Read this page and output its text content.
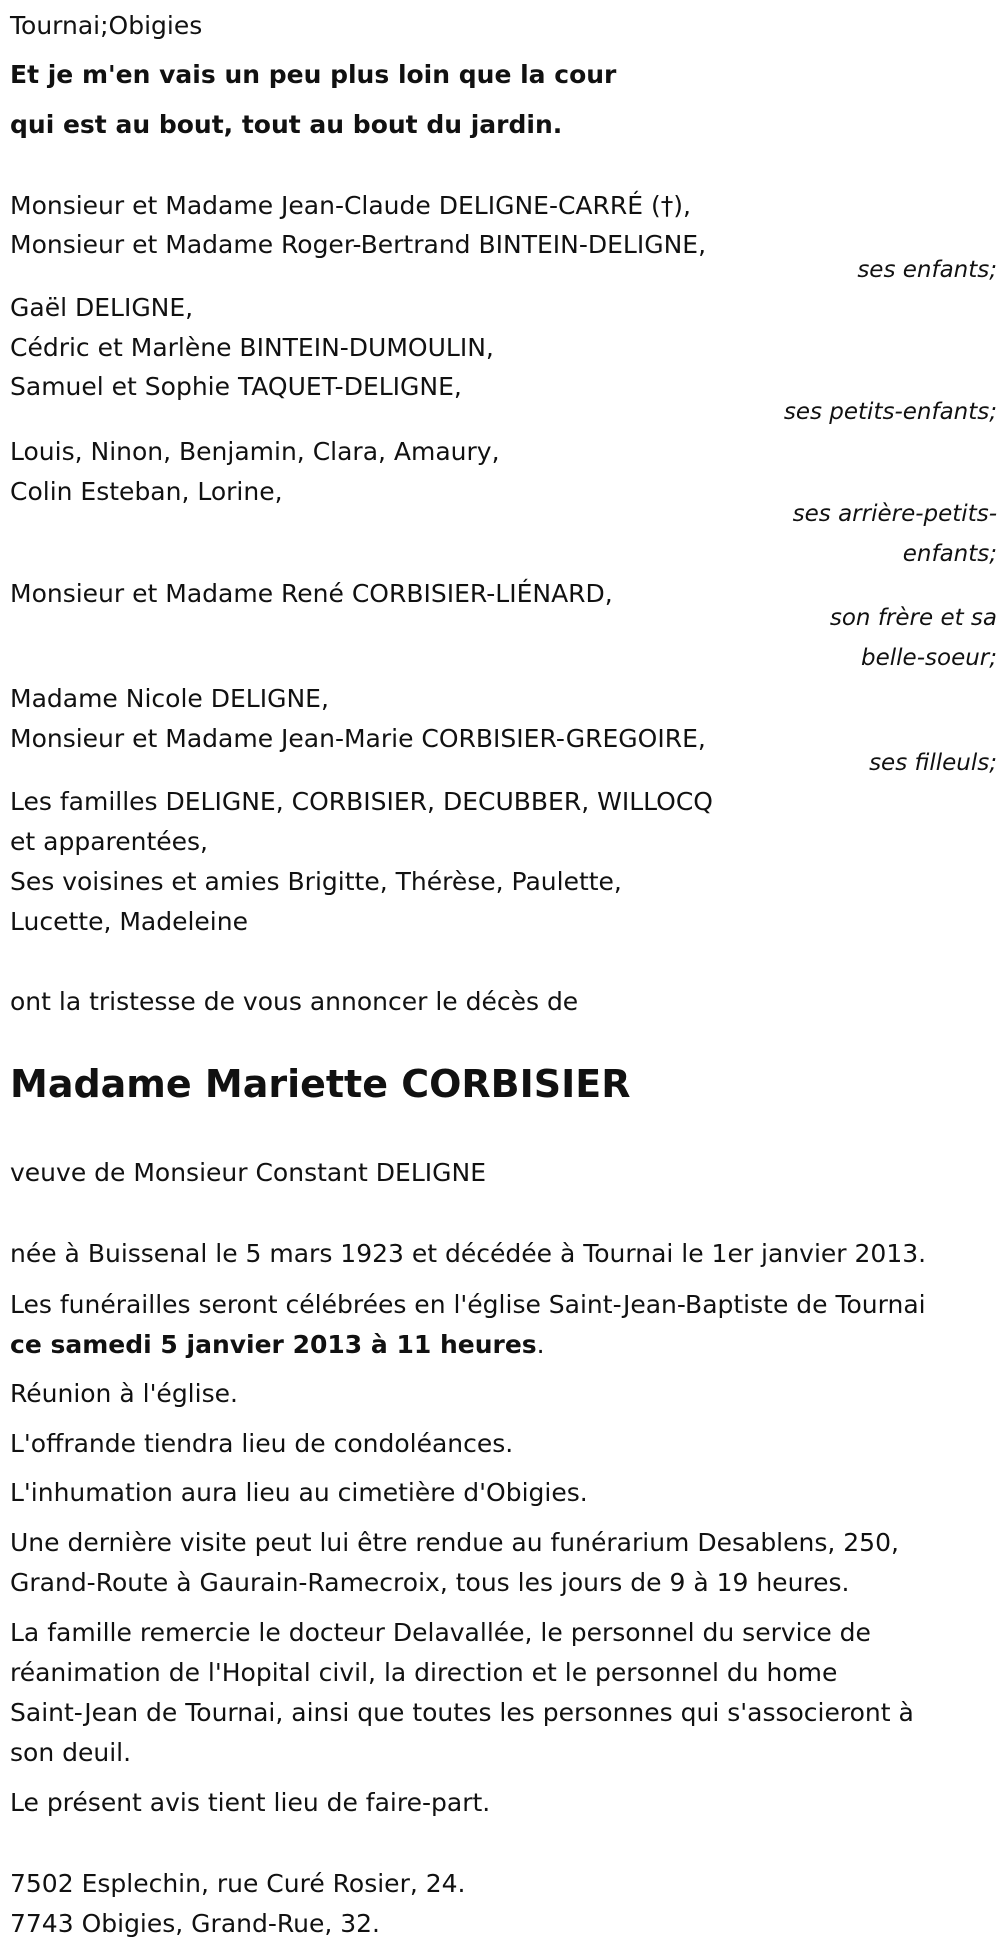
Tournai;Obigies
Et je m'en vais un peu plus loin que la cour
qui est au bout, tout au bout du jardin.
Monsieur et Madame Jean-Claude DELIGNE-CARRÉ (†),
Monsieur et Madame Roger-Bertrand BINTEIN-DELIGNE,
ses enfants;
Gaël DELIGNE,
Cédric et Marlène BINTEIN-DUMOULIN,
Samuel et Sophie TAQUET-DELIGNE,
ses petits-enfants;
Louis, Ninon, Benjamin, Clara, Amaury,
Colin Esteban, Lorine,
ses arrière-petits-
enfants;
Monsieur et Madame René CORBISIER-LIÉNARD,
son frère et sa
belle-soeur;
Madame Nicole DELIGNE,
Monsieur et Madame Jean-Marie CORBISIER-GREGOIRE,
ses filleuls;
Les familles DELIGNE, CORBISIER, DECUBBER, WILLOCQ
et apparentées,
Ses voisines et amies Brigitte, Thérèse, Paulette,
Lucette, Madeleine
ont la tristesse de vous annoncer le décès de
Madame Mariette CORBISIER
veuve de Monsieur Constant DELIGNE
née à Buissenal le 5 mars 1923 et décédée à Tournai le 1er janvier 2013.
Les funérailles seront célébrées en l'église Saint-Jean-Baptiste de Tournai
ce samedi 5 janvier 2013 à 11 heures.
Réunion à l'église.
L'offrande tiendra lieu de condoléances.
L'inhumation aura lieu au cimetière d'Obigies.
Une dernière visite peut lui être rendue au funérarium Desablens, 250,
Grand-Route à Gaurain-Ramecroix, tous les jours de 9 à 19 heures.
La famille remercie le docteur Delavallée, le personnel du service de
réanimation de l'Hopital civil, la direction et le personnel du home
Saint-Jean de Tournai, ainsi que toutes les personnes qui s'associeront à
son deuil.
Le présent avis tient lieu de faire-part.
7502 Esplechin, rue Curé Rosier, 24.
7743 Obigies, Grand-Rue, 32.
